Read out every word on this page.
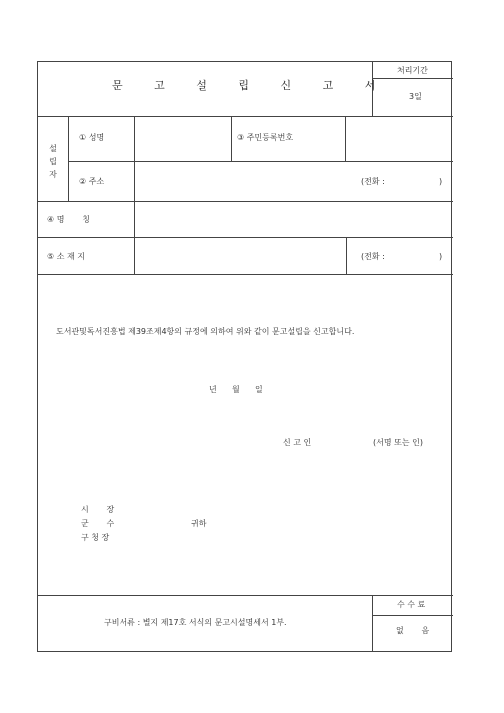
문 고 설 립 신 고 서
처리기간
3일
설
립
자
① 성명	③ 주민등록번호
② 주소	(전화 :	)
④ 명       칭
⑤ 소 재 지	(전화 :	)
도서관및독서진흥법 제39조제4항의 규정에 의하여 위와 같이 문고설립을 신고합니다.
년      월      일
신 고 인	(서명 또는 인)
시       장
군       수	귀하
구 청 장
구비서류 : 별지 제17호 서식의 문고시설명세서 1부.
수 수 료
없       음
